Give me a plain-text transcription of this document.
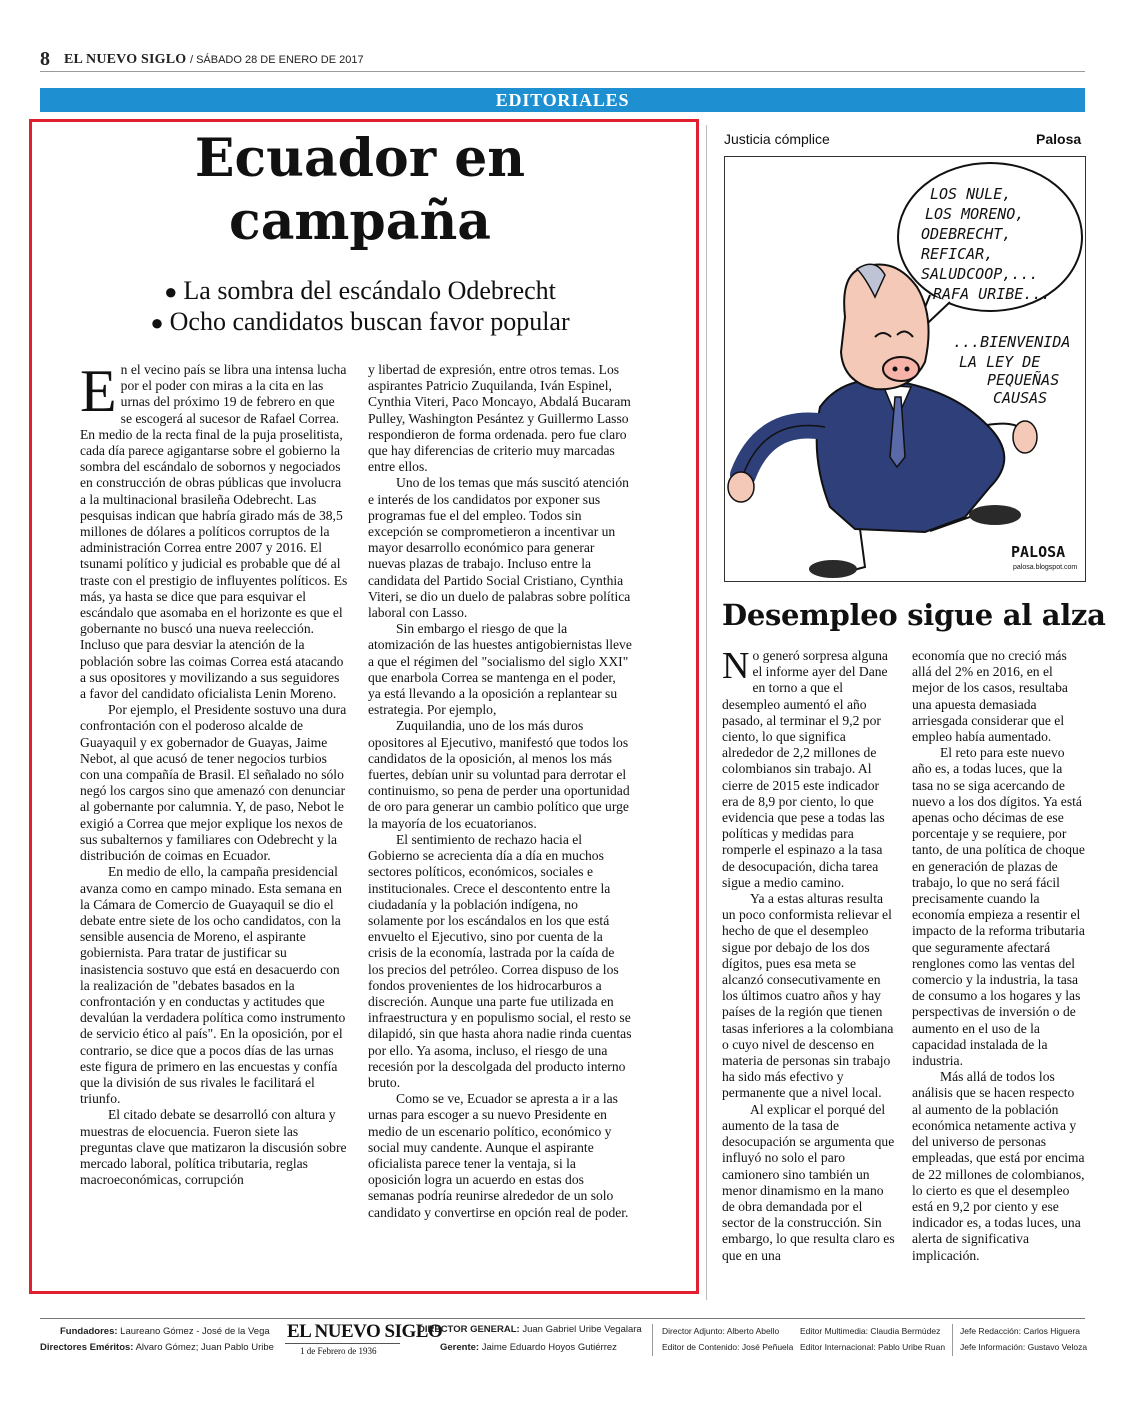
8 EL NUEVO SIGLO / SÁBADO 28 DE ENERO DE 2017
EDITORIALES
Ecuador en
campaña
● La sombra del escándalo Odebrecht
● Ocho candidatos buscan favor popular

En el vecino país se libra una intensa lucha por el poder con miras a la cita en las urnas del próximo 19 de febrero en que se escogerá al sucesor de Rafael Correa. En medio de la recta final de la puja proselitista, cada día parece agigantarse sobre el gobierno la sombra del escándalo de sobornos y negociados en construcción de obras públicas que involucra a la multinacional brasileña Odebrecht. Las pesquisas indican que habría girado más de 38,5 millones de dólares a políticos corruptos de la administración Correa entre 2007 y 2016. El tsunami político y judicial es probable que dé al traste con el prestigio de influyentes políticos. Es más, ya hasta se dice que para esquivar el escándalo que asomaba en el horizonte es que el gobernante no buscó una nueva reelección. Incluso que para desviar la atención de la población sobre las coimas Correa está atacando a sus opositores y movilizando a sus seguidores a favor del candidato oficialista Lenin Moreno.

Por ejemplo, el Presidente sostuvo una dura confrontación con el poderoso alcalde de Guayaquil y ex gobernador de Guayas, Jaime Nebot, al que acusó de tener negocios turbios con una compañía de Brasil. El señalado no sólo negó los cargos sino que amenazó con denunciar al gobernante por calumnia. Y, de paso, Nebot le exigió a Correa que mejor explique los nexos de sus subalternos y familiares con Odebrecht y la distribución de coimas en Ecuador.

En medio de ello, la campaña presidencial avanza como en campo minado. Esta semana en la Cámara de Comercio de Guayaquil se dio el debate entre siete de los ocho candidatos, con la sensible ausencia de Moreno, el aspirante gobiernista. Para tratar de justificar su inasistencia sostuvo que está en desacuerdo con la realización de "debates basados en la confrontación y en conductas y actitudes que devalúan la verdadera política como instrumento de servicio ético al país". En la oposición, por el contrario, se dice que a pocos días de las urnas este figura de primero en las encuestas y confía que la división de sus rivales le facilitará el triunfo.

El citado debate se desarrolló con altura y muestras de elocuencia. Fueron siete las preguntas clave que matizaron la discusión sobre mercado laboral, política tributaria, reglas macroeconómicas, corrupción

y libertad de expresión, entre otros temas. Los aspirantes Patricio Zuquilanda, Iván Espinel, Cynthia Viteri, Paco Moncayo, Abdalá Bucaram Pulley, Washington Pesántez y Guillermo Lasso respondieron de forma ordenada. pero fue claro que hay diferencias de criterio muy marcadas entre ellos.

Uno de los temas que más suscitó atención e interés de los candidatos por exponer sus programas fue el del empleo. Todos sin excepción se comprometieron a incentivar un mayor desarrollo económico para generar nuevas plazas de trabajo. Incluso entre la candidata del Partido Social Cristiano, Cynthia Viteri, se dio un duelo de palabras sobre política laboral con Lasso.

Sin embargo el riesgo de que la atomización de las huestes antigobiernistas lleve a que el régimen del "socialismo del siglo XXI" que enarbola Correa se mantenga en el poder, ya está llevando a la oposición a replantear su estrategia. Por ejemplo,

Zuquilandia, uno de los más duros opositores al Ejecutivo, manifestó que todos los candidatos de la oposición, al menos los más fuertes, debían unir su voluntad para derrotar el continuismo, so pena de perder una oportunidad de oro para generar un cambio político que urge la mayoría de los ecuatorianos.

El sentimiento de rechazo hacia el Gobierno se acrecienta día a día en muchos sectores políticos, económicos, sociales e institucionales. Crece el descontento entre la ciudadanía y la población indígena, no solamente por los escándalos en los que está envuelto el Ejecutivo, sino por cuenta de la crisis de la economía, lastrada por la caída de los precios del petróleo. Correa dispuso de los fondos provenientes de los hidrocarburos a discreción. Aunque una parte fue utilizada en infraestructura y en populismo social, el resto se dilapidó, sin que hasta ahora nadie rinda cuentas por ello. Ya asoma, incluso, el riesgo de una recesión por la descolgada del producto interno bruto.

Como se ve, Ecuador se apresta a ir a las urnas para escoger a su nuevo Presidente en medio de un escenario político, económico y social muy candente. Aunque el aspirante oficialista parece tener la ventaja, si la oposición logra un acuerdo en estas dos semanas podría reunirse alrededor de un solo candidato y convertirse en opción real de poder.

Justicia cómplice	Palosa
LOS NULE,
LOS MORENO,
ODEBRECHT,
REFICAR,
SALUDCOOP,...
RAFA URIBE...
...BIENVENIDA
LA LEY DE
PEQUEÑAS
CAUSAS
PALOSA
palosa.blogspot.com
Desempleo sigue al alza

No generó sorpresa alguna el informe ayer del Dane en torno a que el desempleo aumentó el año pasado, al terminar el 9,2 por ciento, lo que significa alrededor de 2,2 millones de colombianos sin trabajo. Al cierre de 2015 este indicador era de 8,9 por ciento, lo que evidencia que pese a todas las políticas y medidas para romperle el espinazo a la tasa de desocupación, dicha tarea sigue a medio camino.

Ya a estas alturas resulta un poco conformista relievar el hecho de que el desempleo sigue por debajo de los dos dígitos, pues esa meta se alcanzó consecutivamente en los últimos cuatro años y hay países de la región que tienen tasas inferiores a la colombiana o cuyo nivel de descenso en materia de personas sin trabajo ha sido más efectivo y permanente que a nivel local.

Al explicar el porqué del aumento de la tasa de desocupación se argumenta que influyó no solo el paro camionero sino también un menor dinamismo en la mano de obra demandada por el sector de la construcción. Sin embargo, lo que resulta claro es que en una

economía que no creció más allá del 2% en 2016, en el mejor de los casos, resultaba una apuesta demasiada arriesgada considerar que el empleo había aumentado.

El reto para este nuevo año es, a todas luces, que la tasa no se siga acercando de nuevo a los dos dígitos. Ya está apenas ocho décimas de ese porcentaje y se requiere, por tanto, de una política de choque en generación de plazas de trabajo, lo que no será fácil precisamente cuando la economía empieza a resentir el impacto de la reforma tributaria que seguramente afectará renglones como las ventas del comercio y la industria, la tasa de consumo a los hogares y las perspectivas de inversión o de aumento en el uso de la capacidad instalada de la industria.

Más allá de todos los análisis que se hacen respecto al aumento de la población económica netamente activa y del universo de personas empleadas, que está por encima de 22 millones de colombianos, lo cierto es que el desempleo está en 9,2 por ciento y ese indicador es, a todas luces, una alerta de significativa implicación.

Fundadores: Laureano Gómez - José de la Vega
Directores Eméritos: Alvaro Gómez; Juan Pablo Uribe
EL NUEVO SIGLO
1 de Febrero de 1936
DIRECTOR GENERAL: Juan Gabriel Uribe Vegalara
Gerente: Jaime Eduardo Hoyos Gutiérrez
Director Adjunto: Alberto Abello
Editor de Contenido: José Peñuela
Editor Multimedia: Claudia Bermúdez
Editor Internacional: Pablo Uribe Ruan
Jefe Redacción: Carlos Higuera
Jefe Información: Gustavo Veloza
